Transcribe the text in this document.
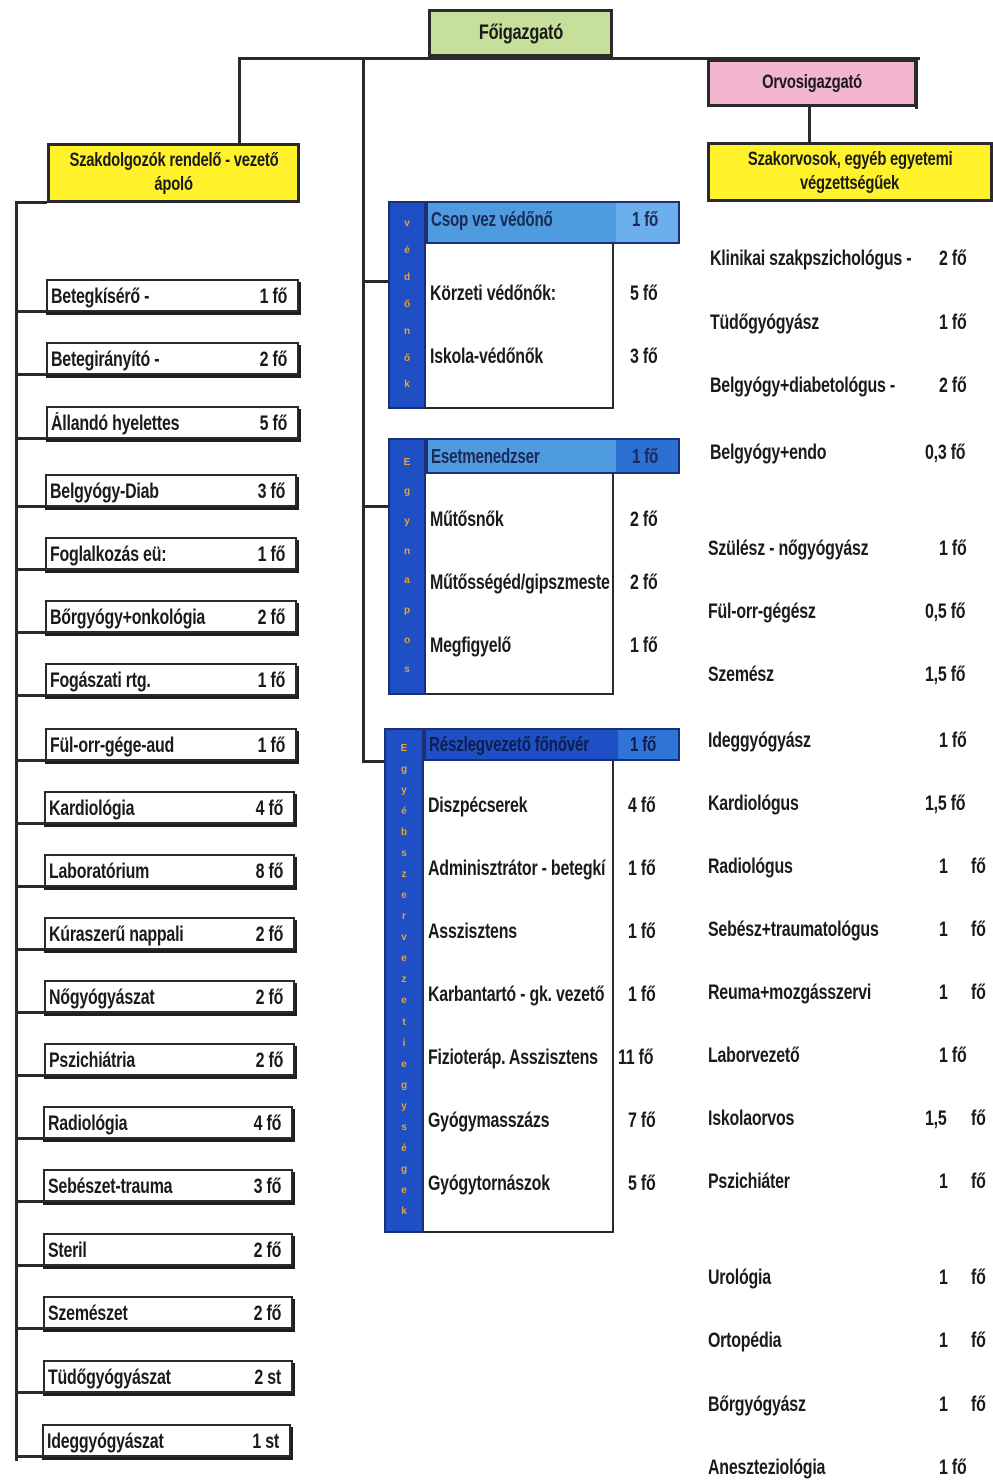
Főigazgató
Orvosigazgató
Szakdolgozók rendelő - vezető
ápoló
Szakorvosok, egyéb egyetemi
végzettségűek
Betegkísérő -	1 fő
Betegirányító -	2 fő
Állandó hyelettes	5 fő
Belgyógy-Diab	3 fő
Foglalkozás eü:	1 fő
Bőrgyógy+onkológia 2 fő
Fogászati rtg.	1 fő
Fül-orr-gége-aud	1 fő
Kardiológia	4 fő
Laboratórium	8 fő
Kúraszerű nappali	2 fő
Nőgyógyászat	2 fő
Pszichiátria	2 fő
Radiológia	4 fő
Sebészet-trauma	3 fő
Steril	2 fő
Szemészet	2 fő
Tüdőgyógyászat	2 st
Ideggyógyászat	1 st
v
é
d
ő
n
ő
k
Csop vez védőnő	1 fő
Körzeti védőnők:	5 fő
Iskola-védőnők	3 fő
E
g
y
n
a
p
o
s
Esetmenedzser	1 fő
Műtősnők	2 fő
Műtősségéd/gipszmeste 2 fő
Megfigyelő	1 fő
E
g
y
é
b
s
z
e
r
v
e
z
e
t
i
e
g
y
s
é
g
e
k
Részlegvezető főnővér 1 fő
Diszpécserek	4 fő
Adminisztrátor - betegkí 1 fő
Asszisztens	1 fő
Karbantartó - gk. vezető 1 fő
Fizioteráp. Asszisztens 11 fő
Gyógymasszázs	7 fő
Gyógytornászok	5 fő
Klinikai szakpszichológus - 2 fő
Tüdőgyógyász	1 fő
Belgyógy+diabetológus - 2 fő
Belgyógy+endo	0,3 fő
Szülész - nőgyógyász	1 fő
Fül-orr-gégész	0,5 fő
Szemész	1,5 fő
Ideggyógyász	1 fő
Kardiológus	1,5 fő
Radiológus	1 fő
Sebész+traumatológus	1 fő
Reuma+mozgásszervi	1 fő
Laborvezető	1 fő
Iskolaorvos	1,5 fő
Pszichiáter	1 fő
Urológia	1 fő
Ortopédia	1 fő
Bőrgyógyász	1 fő
Aneszteziológia	1 fő
